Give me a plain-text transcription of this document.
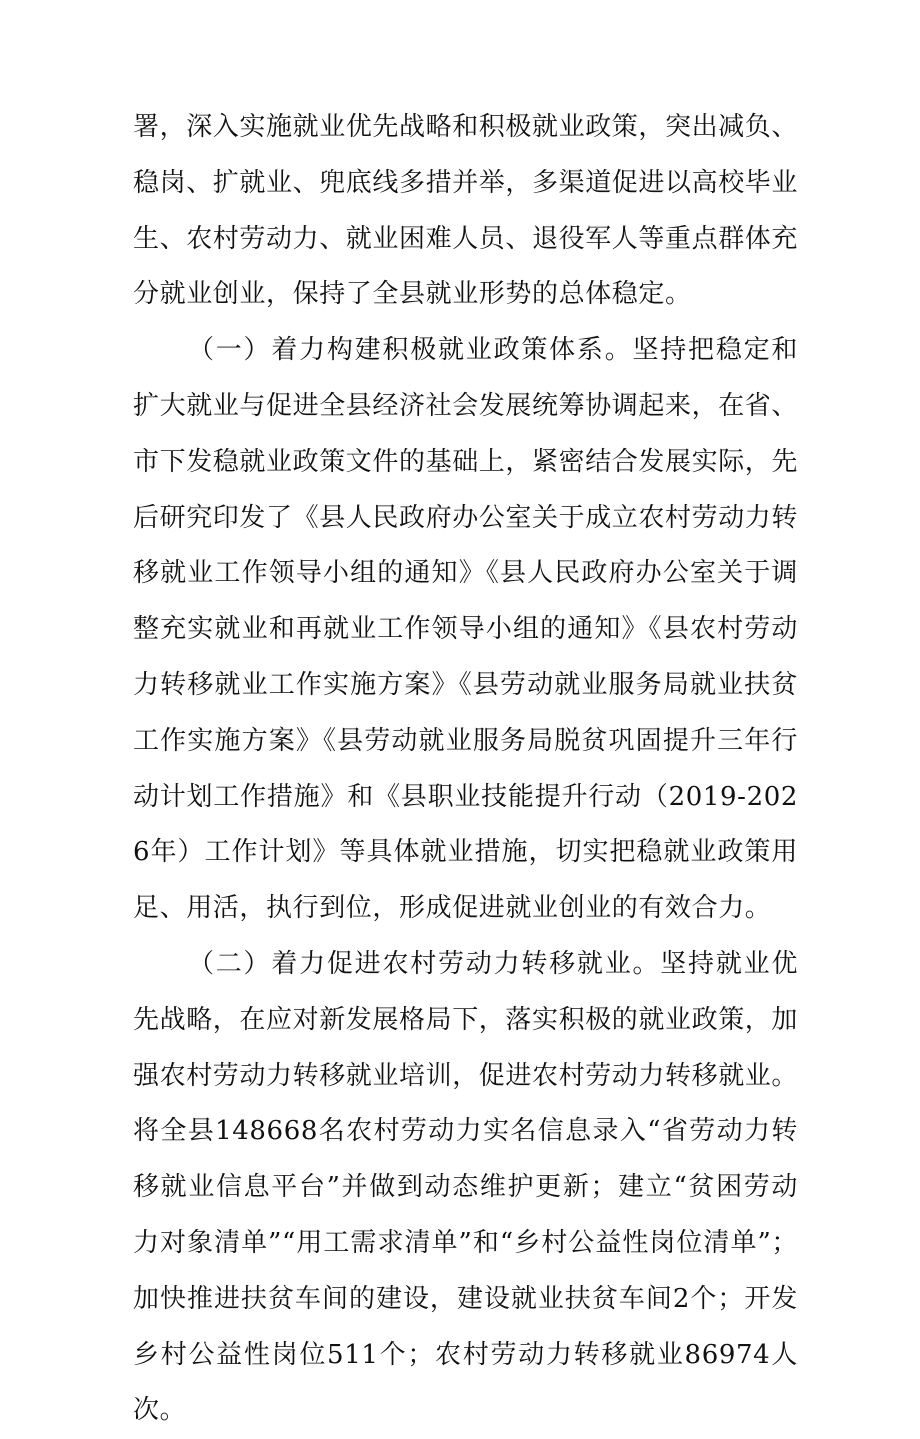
署，深入实施就业优先战略和积极就业政策，突出减负、稳岗、扩就业、兜底线多措并举，多渠道促进以高校毕业生、农村劳动力、就业困难人员、退役军人等重点群体充分就业创业，保持了全县就业形势的总体稳定。

（一）着力构建积极就业政策体系。坚持把稳定和扩大就业与促进全县经济社会发展统筹协调起来，在省、市下发稳就业政策文件的基础上，紧密结合发展实际，先后研究印发了《县人民政府办公室关于成立农村劳动力转移就业工作领导小组的通知》《县人民政府办公室关于调整充实就业和再就业工作领导小组的通知》《县农村劳动力转移就业工作实施方案》《县劳动就业服务局就业扶贫工作实施方案》《县劳动就业服务局脱贫巩固提升三年行动计划工作措施》和《县职业技能提升行动（2019-2026年）工作计划》等具体就业措施，切实把稳就业政策用足、用活，执行到位，形成促进就业创业的有效合力。

（二）着力促进农村劳动力转移就业。坚持就业优先战略，在应对新发展格局下，落实积极的就业政策，加强农村劳动力转移就业培训，促进农村劳动力转移就业。将全县148668名农村劳动力实名信息录入“省劳动力转移就业信息平台”并做到动态维护更新；建立“贫困劳动力对象清单”“用工需求清单”和“乡村公益性岗位清单”；加快推进扶贫车间的建设，建设就业扶贫车间2个；开发乡村公益性岗位511个；农村劳动力转移就业86974人次。
